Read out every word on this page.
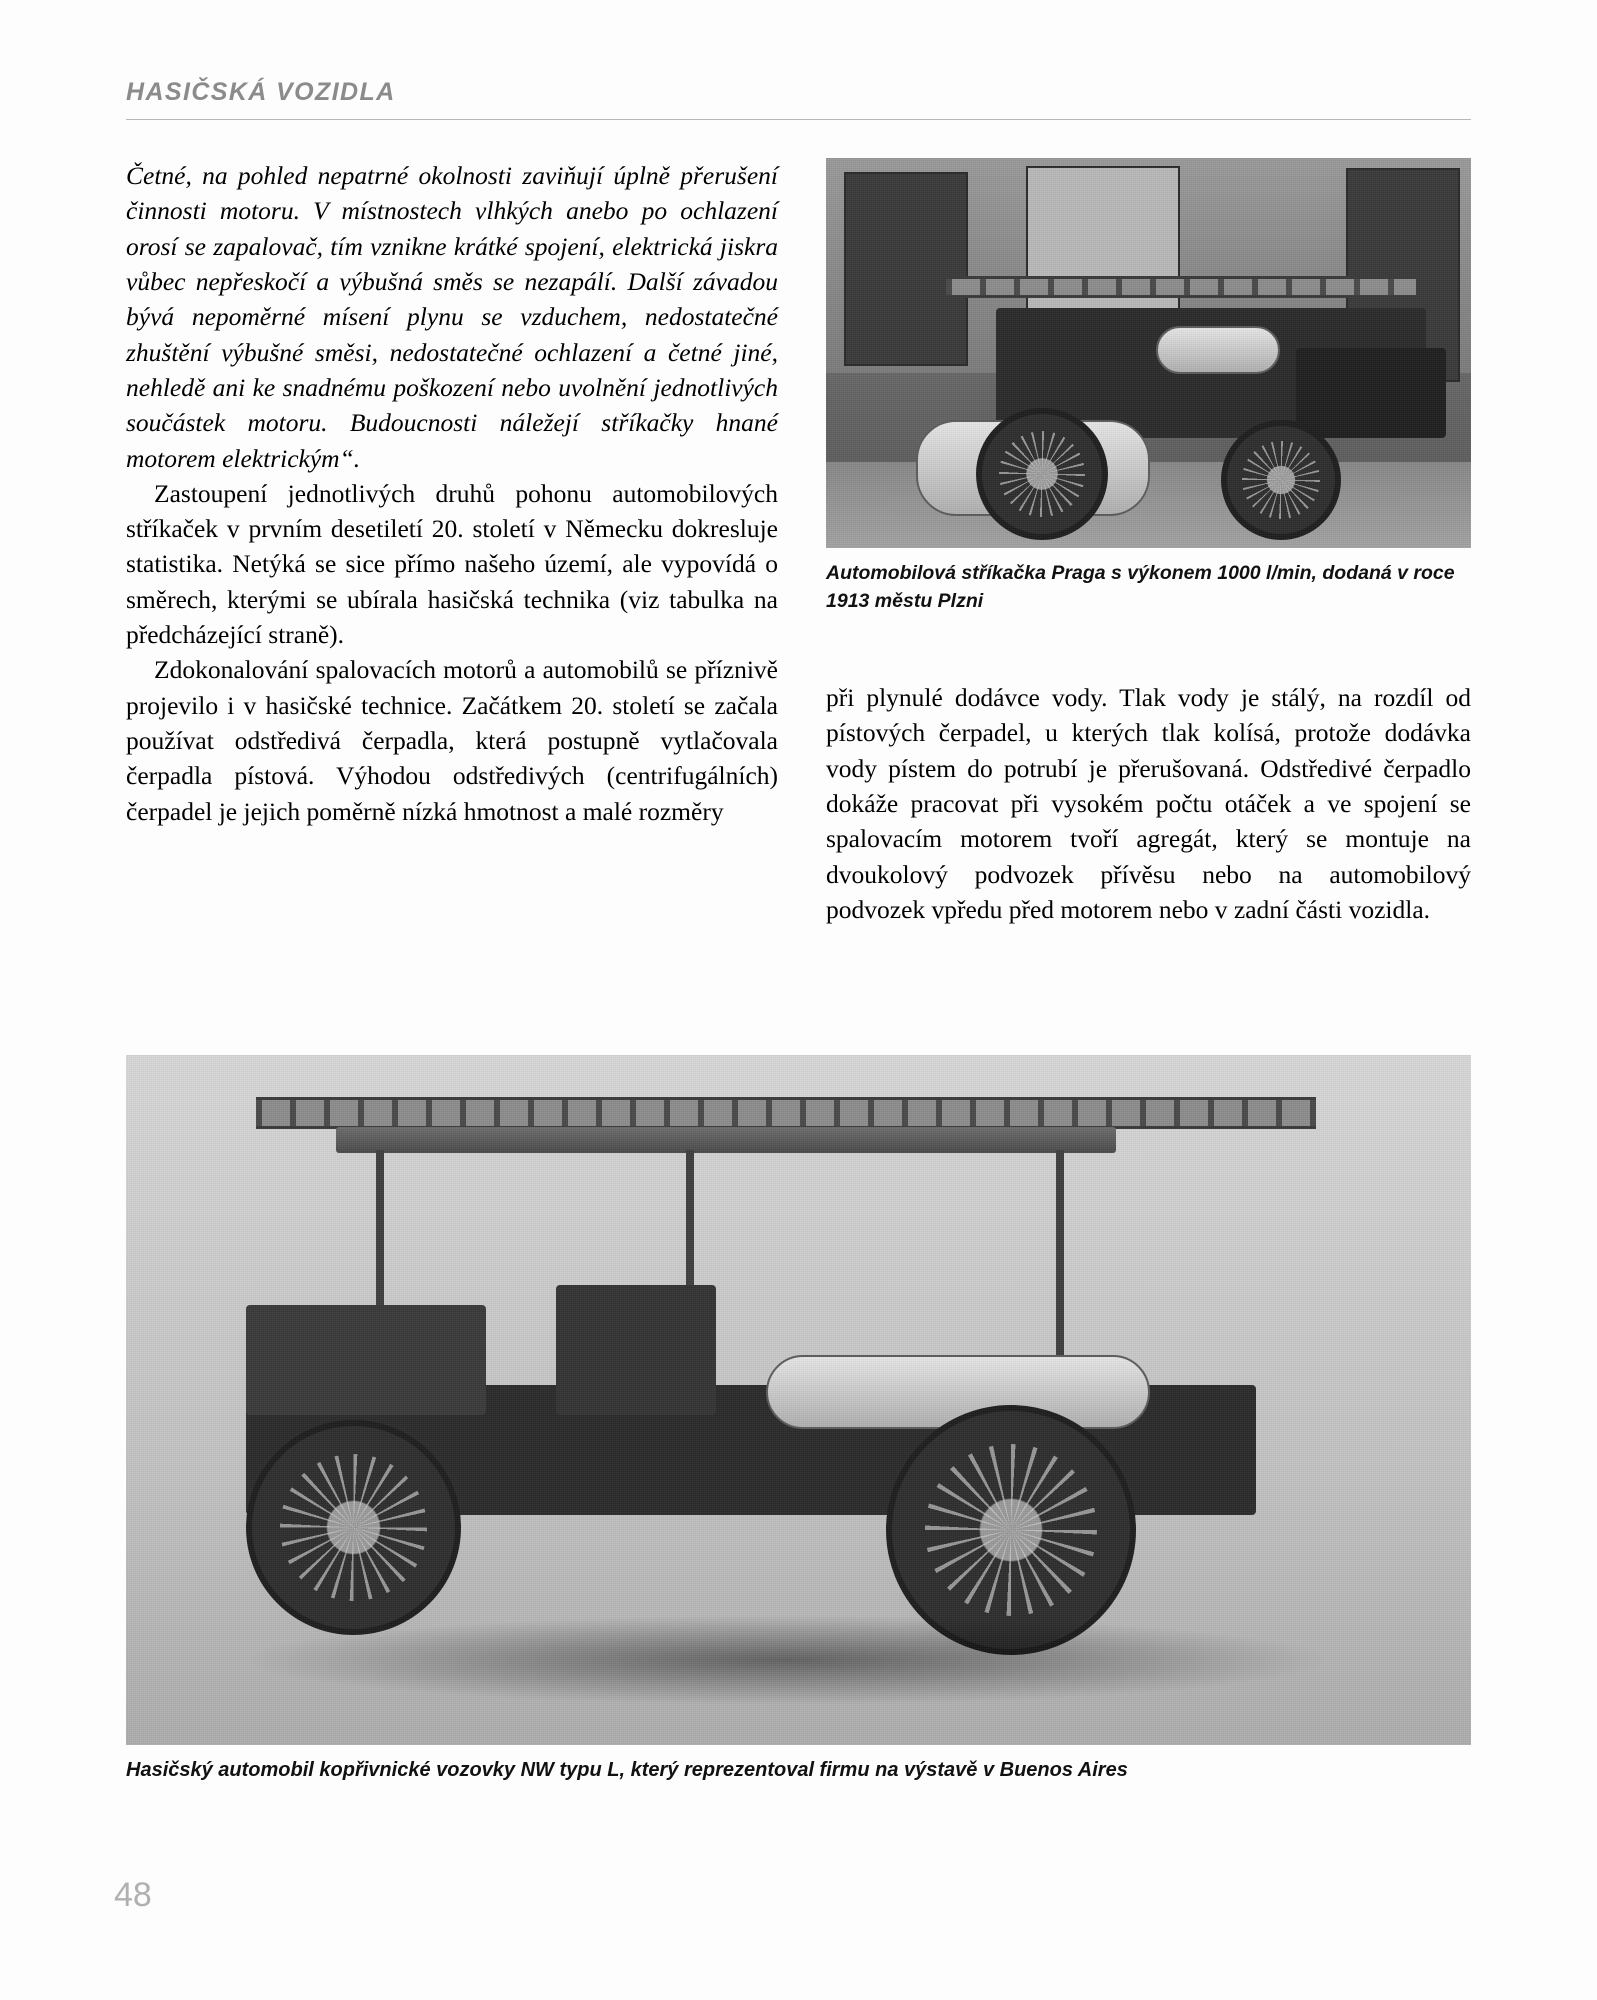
HASIČSKÁ VOZIDLA

Četné, na pohled nepatrné okolnosti zaviňují úplně přerušení činnosti motoru. V místnostech vlhkých anebo po ochlazení orosí se zapalovač, tím vznikne krátké spojení, elektrická jiskra vůbec nepřeskočí a výbušná směs se nezapálí. Další závadou bývá nepoměrné mísení plynu se vzduchem, nedostatečné zhuštění výbušné směsi, nedostatečné ochlazení a četné jiné, nehledě ani ke snadnému poškození nebo uvolnění jednotlivých součástek motoru. Budoucnosti náležejí stříkačky hnané motorem elektrickým“.

Zastoupení jednotlivých druhů pohonu automobilových stříkaček v prvním desetiletí 20. století v Německu dokresluje statistika. Netýká se sice přímo našeho území, ale vypovídá o směrech, kterými se ubírala hasičská technika (viz tabulka na předcházející straně).

Zdokonalování spalovacích motorů a automobilů se příznivě projevilo i v hasičské technice. Začátkem 20. století se začala používat odstředivá čerpadla, která postupně vytlačovala čerpadla pístová. Výhodou odstředivých (centrifugálních) čerpadel je jejich poměrně nízká hmotnost a malé rozměry

Automobilová stříkačka Praga s výkonem 1000 l/min, dodaná v roce 1913 městu Plzni

při plynulé dodávce vody. Tlak vody je stálý, na rozdíl od pístových čerpadel, u kterých tlak kolísá, protože dodávka vody pístem do potrubí je přerušovaná. Odstředivé čerpadlo dokáže pracovat při vysokém počtu otáček a ve spojení se spalovacím motorem tvoří agregát, který se montuje na dvoukolový podvozek přívěsu nebo na automobilový podvozek vpředu před motorem nebo v zadní části vozidla.

Hasičský automobil kopřivnické vozovky NW typu L, který reprezentoval firmu na výstavě v Buenos Aires
48
